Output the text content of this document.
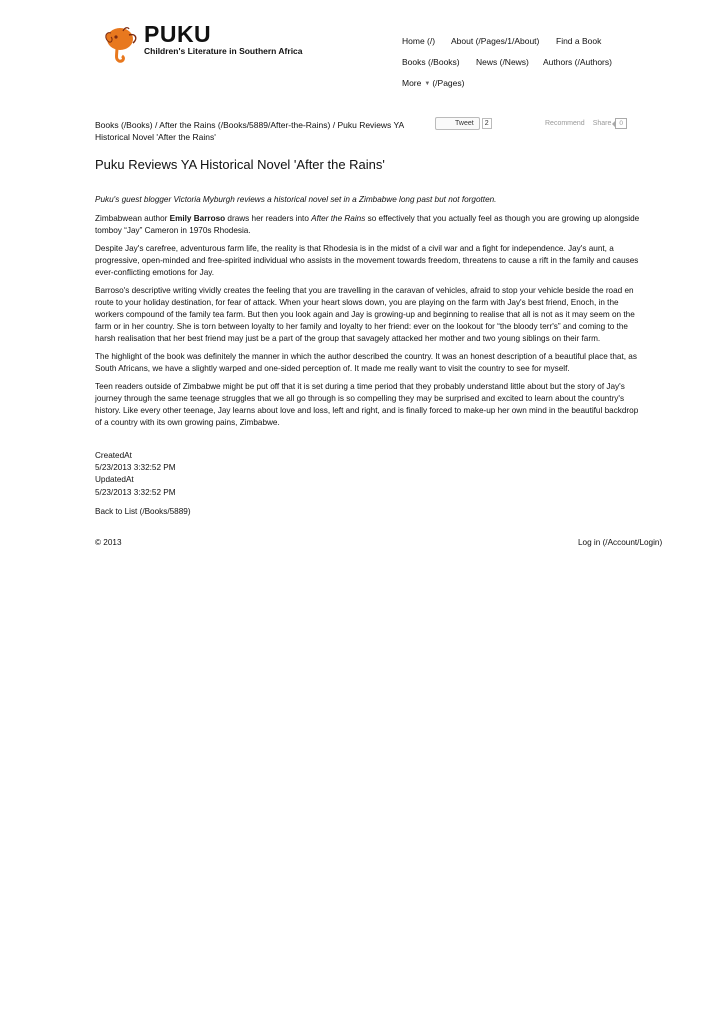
PUKU
Children's Literature in Southern Africa
Home (/) About (/Pages/1/About) Find a Book
Books (/Books) News (/News) Authors (/Authors)
More ▼ (/Pages)
Books (/Books) / After the Rains (/Books/5889/After-the-Rains) / Puku Reviews YA Historical Novel 'After the Rains'
Tweet	2	Recommend Share	0
Puku Reviews YA Historical Novel 'After the Rains'

Puku's guest blogger Victoria Myburgh reviews a historical novel set in a Zimbabwe long past but not forgotten.

Zimbabwean author Emily Barroso draws her readers into After the Rains so effectively that you actually feel as though you are growing up alongside tomboy “Jay” Cameron in 1970s Rhodesia.

Despite Jay's carefree, adventurous farm life, the reality is that Rhodesia is in the midst of a civil war and a fight for independence. Jay's aunt, a progressive, open-minded and free-spirited individual who assists in the movement towards freedom, threatens to cause a rift in the family and causes ever-conflicting emotions for Jay.

Barroso's descriptive writing vividly creates the feeling that you are travelling in the caravan of vehicles, afraid to stop your vehicle beside the road en route to your holiday destination, for fear of attack. When your heart slows down, you are playing on the farm with Jay's best friend, Enoch, in the workers compound of the family tea farm. But then you look again and Jay is growing-up and beginning to realise that all is not as it may seem on the farm or in her country. She is torn between loyalty to her family and loyalty to her friend: ever on the lookout for “the bloody terr's” and coming to the harsh realisation that her best friend may just be a part of the group that savagely attacked her mother and two young siblings on their farm.

The highlight of the book was definitely the manner in which the author described the country. It was an honest description of a beautiful place that, as South Africans, we have a slightly warped and one-sided perception of. It made me really want to visit the country to see for myself.

Teen readers outside of Zimbabwe might be put off that it is set during a time period that they probably understand little about but the story of Jay's journey through the same teenage struggles that we all go through is so compelling they may be surprised and excited to learn about the country's history. Like every other teenage, Jay learns about love and loss, left and right, and is finally forced to make-up her own mind in the beautiful backdrop of a country with its own growing pains, Zimbabwe.

CreatedAt
5/23/2013 3:32:52 PM
UpdatedAt
5/23/2013 3:32:52 PM
Back to List (/Books/5889)
© 2013	Log in (/Account/Login)
